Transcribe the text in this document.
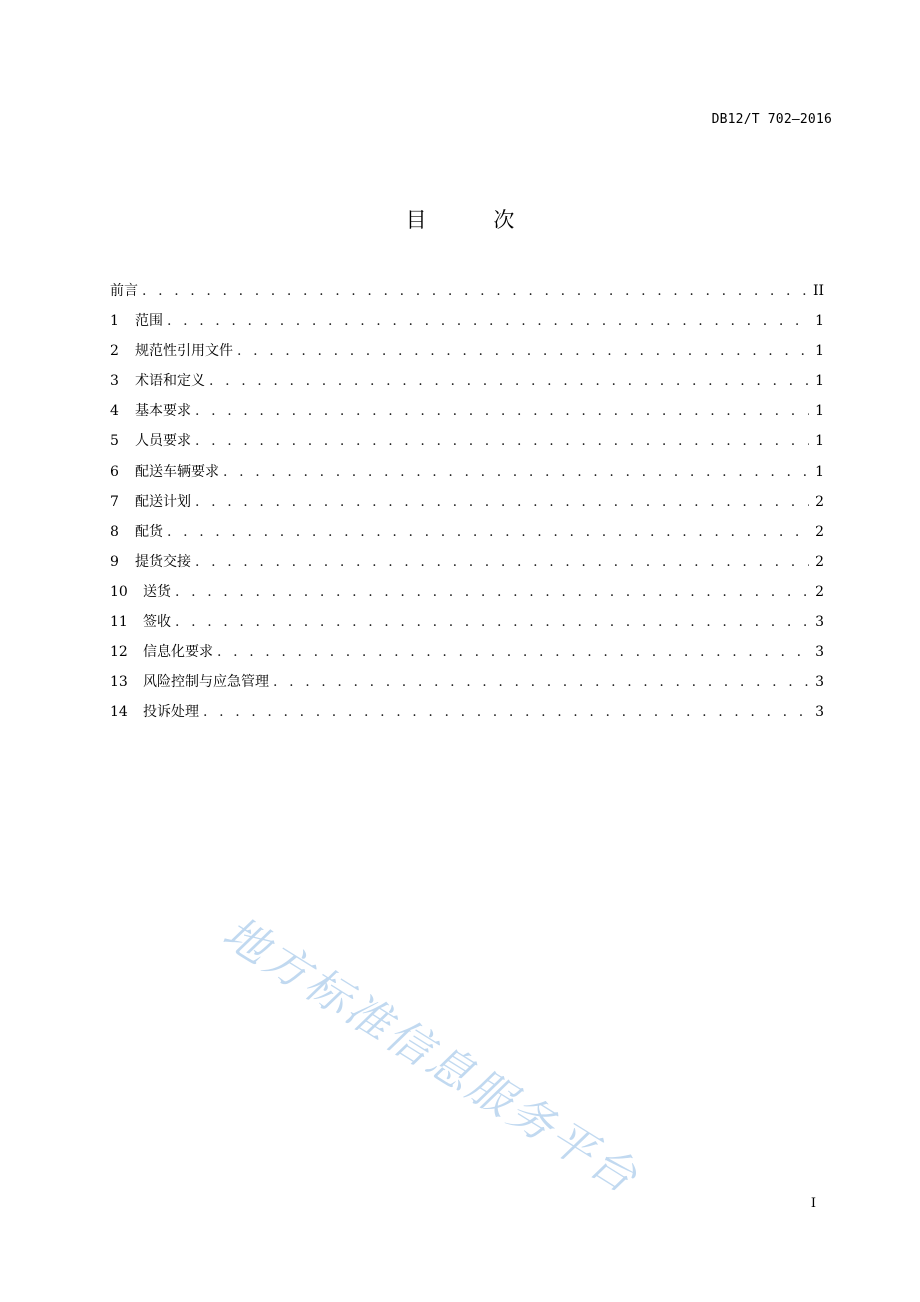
DB12/T 702—2016
目 次
前言 . . .	II
1	范围 . . .	1
2	规范性引用文件 . . .	1
3	术语和定义 . . .	1
4	基本要求 . . .	1
5	人员要求 . . .	1
6	配送车辆要求 . . .	1
7	配送计划 . . .	2
8	配货 . . .	2
9	提货交接 . . .	2
10	送货 . . .	2
11	签收 . . .	3
12	信息化要求 . . .	3
13	风险控制与应急管理 . . .	3
14	投诉处理 . . .	3
地方标准信息服务平台	I
